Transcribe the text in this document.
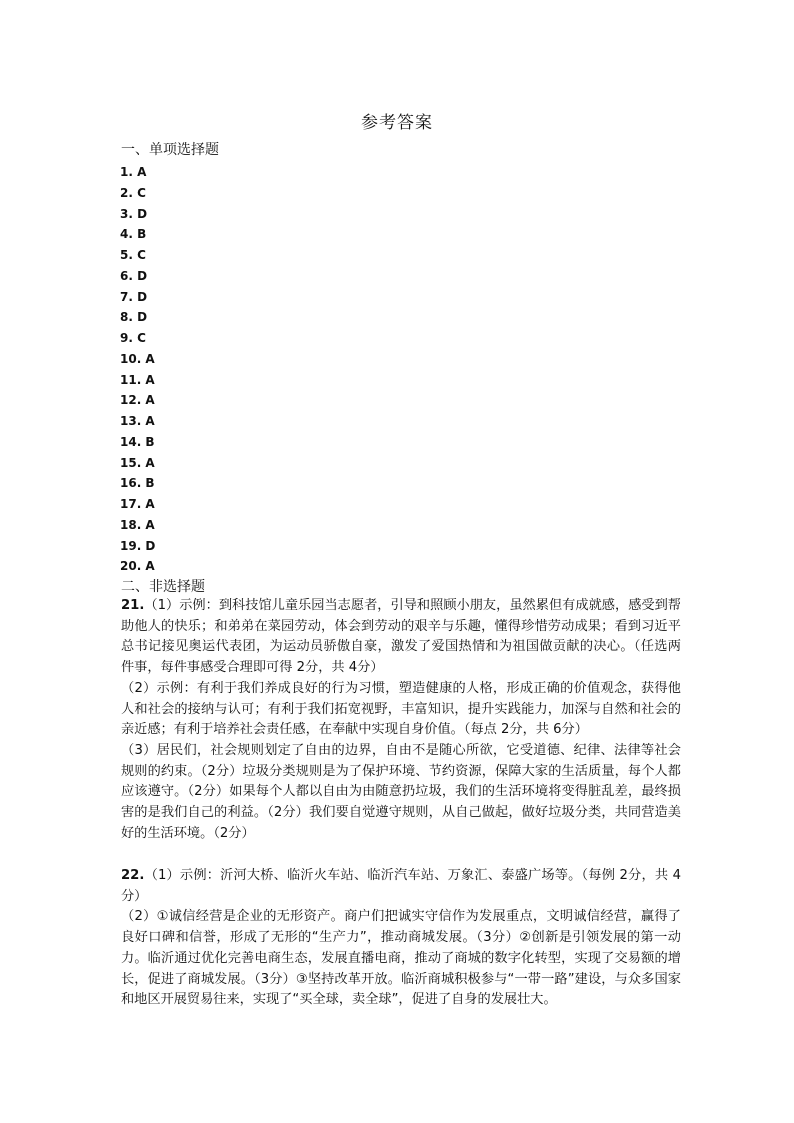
参考答案
一、单项选择题
1. A
2. C
3. D
4. B
5. C
6. D
7. D
8. D
9. C
10. A
11. A
12. A
13. A
14. B
15. A
16. B
17. A
18. A
19. D
20. A
二、非选择题

21.（1）示例：到科技馆儿童乐园当志愿者，引导和照顾小朋友，虽然累但有成就感，感受到帮助他人的快乐；和弟弟在菜园劳动，体会到劳动的艰辛与乐趣，懂得珍惜劳动成果；看到习近平总书记接见奥运代表团，为运动员骄傲自豪，激发了爱国热情和为祖国做贡献的决心。（任选两件事，每件事感受合理即可得 2分，共 4分）

（2）示例：有利于我们养成良好的行为习惯，塑造健康的人格，形成正确的价值观念，获得他人和社会的接纳与认可；有利于我们拓宽视野，丰富知识，提升实践能力，加深与自然和社会的亲近感；有利于培养社会责任感，在奉献中实现自身价值。（每点 2分，共 6分）

（3）居民们，社会规则划定了自由的边界，自由不是随心所欲，它受道德、纪律、法律等社会规则的约束。（2分）垃圾分类规则是为了保护环境、节约资源，保障大家的生活质量，每个人都应该遵守。（2分）如果每个人都以自由为由随意扔垃圾，我们的生活环境将变得脏乱差，最终损害的是我们自己的利益。（2分）我们要自觉遵守规则，从自己做起，做好垃圾分类，共同营造美好的生活环境。（2分）

22.（1）示例：沂河大桥、临沂火车站、临沂汽车站、万象汇、泰盛广场等。（每例 2分，共 4分）

（2）①诚信经营是企业的无形资产。商户们把诚实守信作为发展重点，文明诚信经营，赢得了良好口碑和信誉，形成了无形的“生产力”，推动商城发展。（3分）②创新是引领发展的第一动力。临沂通过优化完善电商生态，发展直播电商，推动了商城的数字化转型，实现了交易额的增长，促进了商城发展。（3分）③坚持改革开放。临沂商城积极参与“一带一路”建设，与众多国家和地区开展贸易往来，实现了“买全球，卖全球”，促进了自身的发展壮大。
